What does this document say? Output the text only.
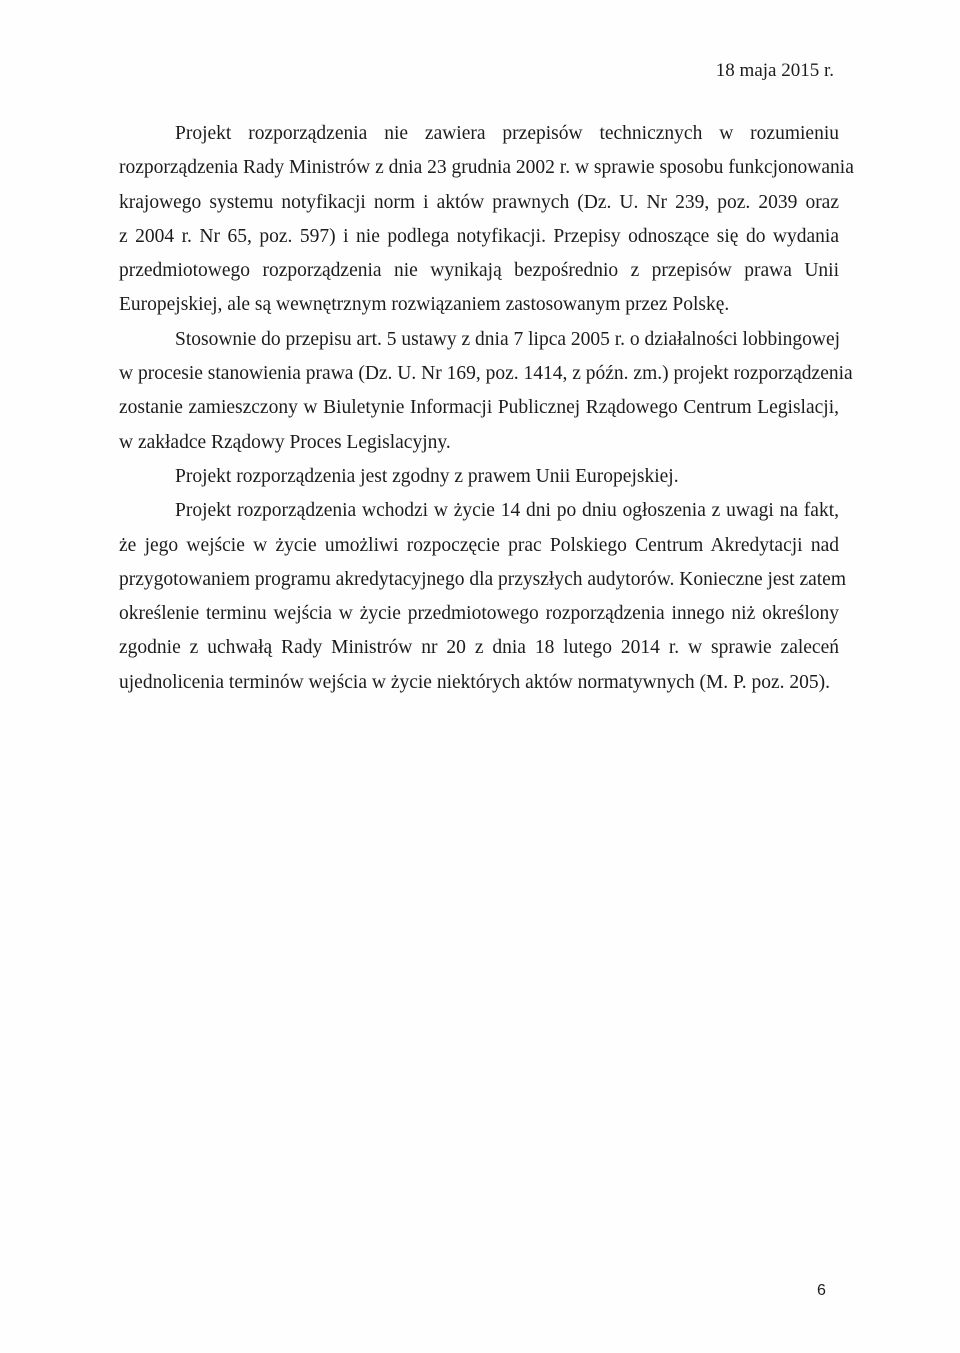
18 maja 2015 r.
Projekt rozporządzenia nie zawiera przepisów technicznych w rozumieniu
rozporządzenia Rady Ministrów z dnia 23 grudnia 2002 r. w sprawie sposobu funkcjonowania
krajowego systemu notyfikacji norm i aktów prawnych (Dz. U. Nr 239, poz. 2039 oraz
z 2004 r. Nr 65, poz. 597) i nie podlega notyfikacji. Przepisy odnoszące się do wydania
przedmiotowego rozporządzenia nie wynikają bezpośrednio z przepisów prawa Unii
Europejskiej, ale są wewnętrznym rozwiązaniem zastosowanym przez Polskę.
Stosownie do przepisu art. 5 ustawy z dnia 7 lipca 2005 r. o działalności lobbingowej
w procesie stanowienia prawa (Dz. U. Nr 169, poz. 1414, z późn. zm.) projekt rozporządzenia
zostanie zamieszczony w Biuletynie Informacji Publicznej Rządowego Centrum Legislacji,
w zakładce Rządowy Proces Legislacyjny.
Projekt rozporządzenia jest zgodny z prawem Unii Europejskiej.
Projekt rozporządzenia wchodzi w życie 14 dni po dniu ogłoszenia z uwagi na fakt,
że jego wejście w życie umożliwi rozpoczęcie prac Polskiego Centrum Akredytacji nad
przygotowaniem programu akredytacyjnego dla przyszłych audytorów. Konieczne jest zatem
określenie terminu wejścia w życie przedmiotowego rozporządzenia innego niż określony
zgodnie z uchwałą Rady Ministrów nr 20 z dnia 18 lutego 2014 r. w sprawie zaleceń
ujednolicenia terminów wejścia w życie niektórych aktów normatywnych (M. P. poz. 205).
6
